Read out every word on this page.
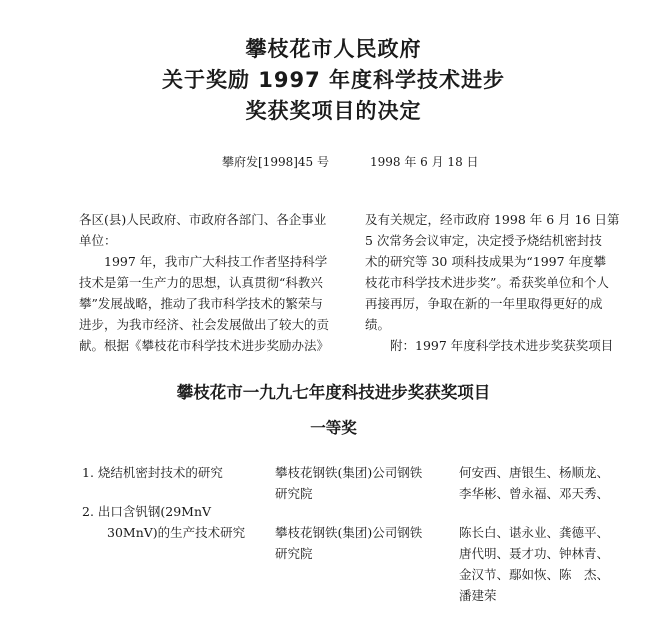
攀枝花市人民政府
关于奖励 1997 年度科学技术进步
奖获奖项目的决定
攀府发[1998]45 号	1998 年 6 月 18 日
各区(县)人民政府、市政府各部门、各企事业
单位：
　　1997 年，我市广大科技工作者坚持科学
技术是第一生产力的思想，认真贯彻“科教兴
攀”发展战略，推动了我市科学技术的繁荣与
进步，为我市经济、社会发展做出了较大的贡
献。根据《攀枝花市科学技术进步奖励办法》
及有关规定，经市政府 1998 年 6 月 16 日第
5 次常务会议审定，决定授予烧结机密封技
术的研究等 30 项科技成果为“1997 年度攀
枝花市科学技术进步奖”。希获奖单位和个人
再接再厉，争取在新的一年里取得更好的成
绩。
　　附：1997 年度科学技术进步奖获奖项目
攀枝花市一九九七年度科技进步奖获奖项目
一等奖
1. 烧结机密封技术的研究	攀枝花钢铁(集团)公司钢铁
研究院
何安西、唐银生、杨顺龙、
李华彬、曾永福、邓天秀、
2. 出口含钒钢(29MnV
　　30MnV)的生产技术研究 攀枝花钢铁(集团)公司钢铁
研究院
陈长白、谌永业、龚德平、
唐代明、聂才功、钟林青、
金汉节、鄢如恢、陈　杰、
潘建荣
